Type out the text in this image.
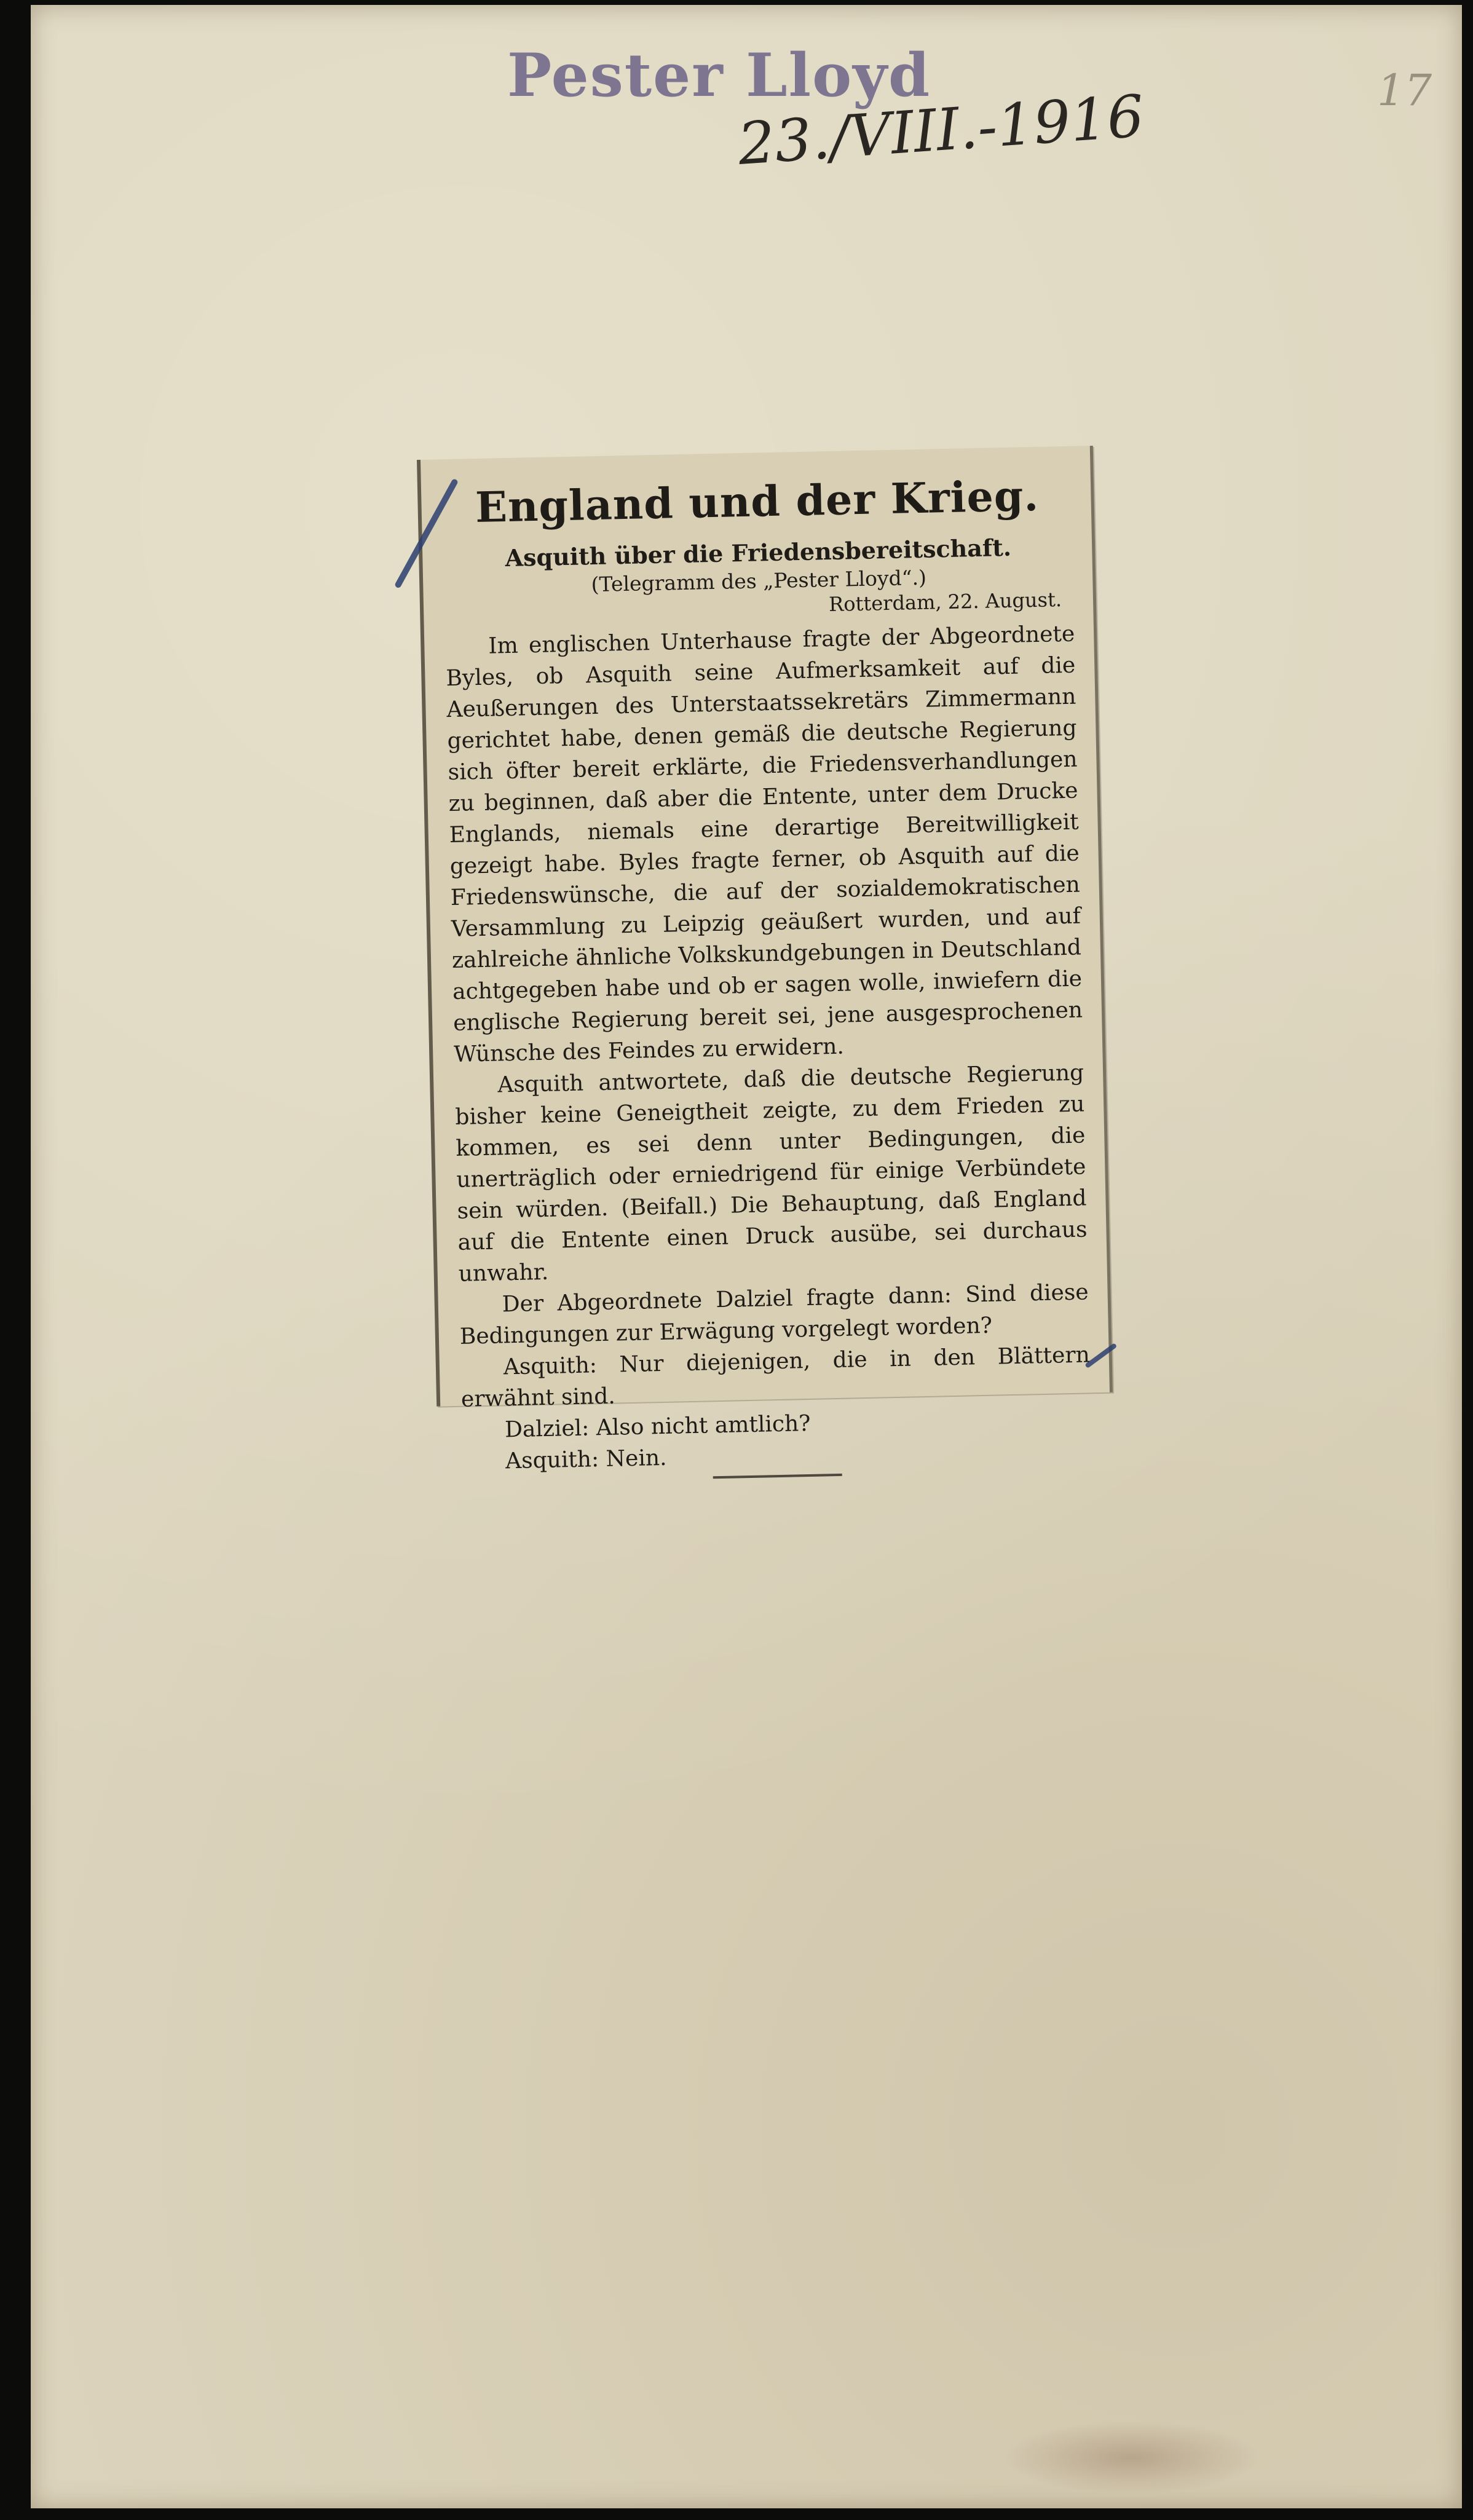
Pester Lloyd
23./VIII.-1916	17

England und der Krieg.

Asquith über die Friedensbereitschaft.

(Telegramm des „Pester Lloyd“.)

Rotterdam, 22. August.

Im englischen Unterhause fragte der Abgeordnete Byles, ob Asquith seine Aufmerksamkeit auf die Aeußerungen des Unterstaatssekretärs Zimmermann gerichtet habe, denen gemäß die deutsche Regierung sich öfter bereit erklärte, die Friedensverhandlungen zu beginnen, daß aber die Entente, unter dem Drucke Englands, niemals eine derartige Bereitwilligkeit gezeigt habe. Byles fragte ferner, ob Asquith auf die Friedenswünsche, die auf der sozialdemokratischen Versammlung zu Leipzig geäußert wurden, und auf zahlreiche ähnliche Volkskundgebungen in Deutschland achtgegeben habe und ob er sagen wolle, inwiefern die englische Regierung bereit sei, jene ausgesprochenen Wünsche des Feindes zu erwidern.

Asquith antwortete, daß die deutsche Regierung bisher keine Geneigtheit zeigte, zu dem Frieden zu kommen, es sei denn unter Bedingungen, die unerträglich oder erniedrigend für einige Verbündete sein würden. (Beifall.) Die Behauptung, daß England auf die Entente einen Druck ausübe, sei durchaus unwahr.

Der Abgeordnete Dalziel fragte dann: Sind diese Bedingungen zur Erwägung vorgelegt worden?

Asquith: Nur diejenigen, die in den Blättern erwähnt sind.

Dalziel: Also nicht amtlich?

Asquith: Nein.
